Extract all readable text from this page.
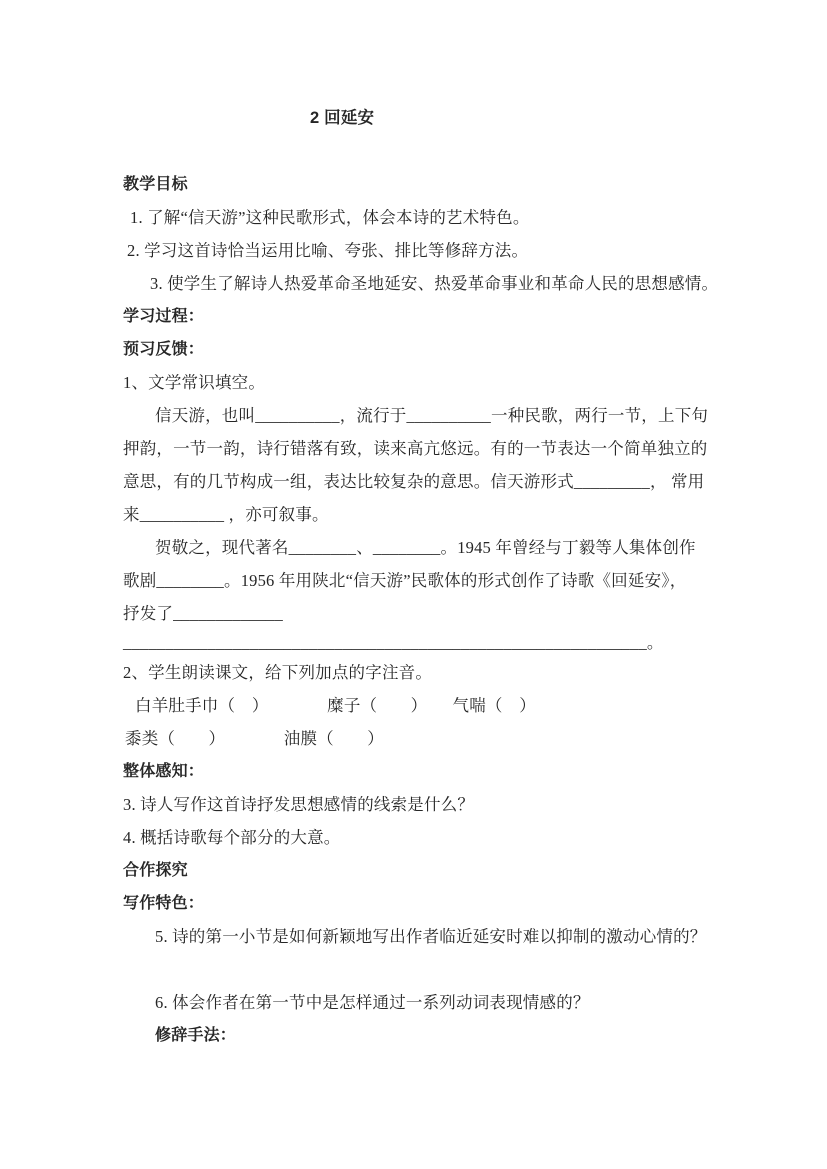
2 回延安
教学目标
1. 了解“信天游”这种民歌形式，体会本诗的艺术特色。
2. 学习这首诗恰当运用比喻、夸张、排比等修辞方法。
3. 使学生了解诗人热爱革命圣地延安、热爱革命事业和革命人民的思想感情。
学习过程：
预习反馈：
1、文学常识填空。
信天游，也叫__________，流行于__________一种民歌，两行一节，上下句
押韵，一节一韵，诗行错落有致，读来高亢悠远。有的一节表达一个简单独立的
意思，有的几节构成一组，表达比较复杂的意思。信天游形式_________， 常用
来__________ ，亦可叙事。
贺敬之，现代著名________、________。1945 年曾经与丁毅等人集体创作
歌剧________。1956 年用陕北“信天游”民歌体的形式创作了诗歌《回延安》，
抒发了_____________
______________________________________________________________。
2、学生朗读课文，给下列加点的字注音。
白羊肚手巾（　）　　　　糜子（　　）　　气喘（　）
黍类（　　）　　　　油膜（　　）
整体感知：
3. 诗人写作这首诗抒发思想感情的线索是什么？
4. 概括诗歌每个部分的大意。
合作探究
写作特色：
5. 诗的第一小节是如何新颖地写出作者临近延安时难以抑制的激动心情的？
6. 体会作者在第一节中是怎样通过一系列动词表现情感的？
修辞手法：
